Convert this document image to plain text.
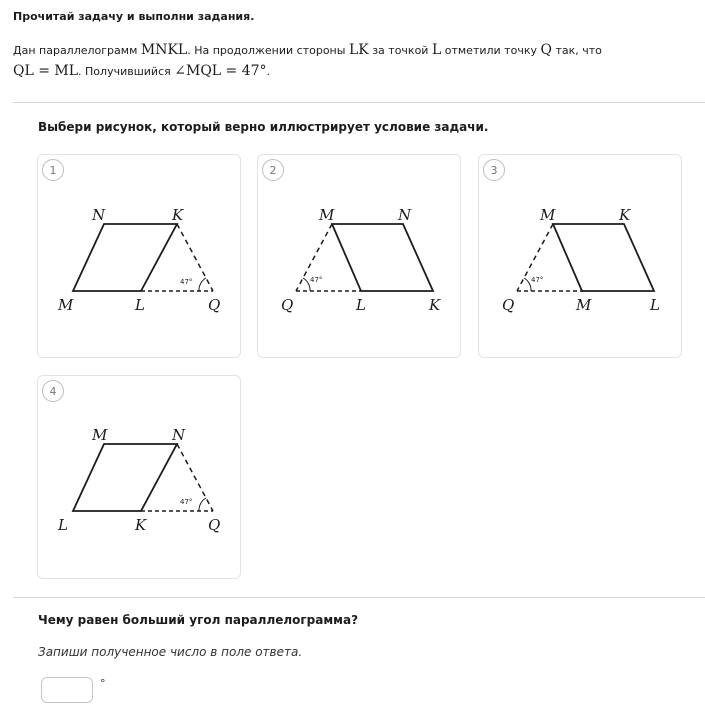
Прочитай задачу и выполни задания.
Дан параллелограмм MNKL. На продолжении стороны LK за точкой L отметили точку Q так, что
QL = ML. Получившийся ∠MQL = 47°.
Выбери рисунок, который верно иллюстрирует условие задачи.
1
47°
N	K
M	L	Q
2
47°
M	N
Q	L	K
3
47°
M	K
Q	M	L
4
47°
M	N
L	K	Q
Чему равен больший угол параллелограмма?
Запиши полученное число в поле ответа.
°
